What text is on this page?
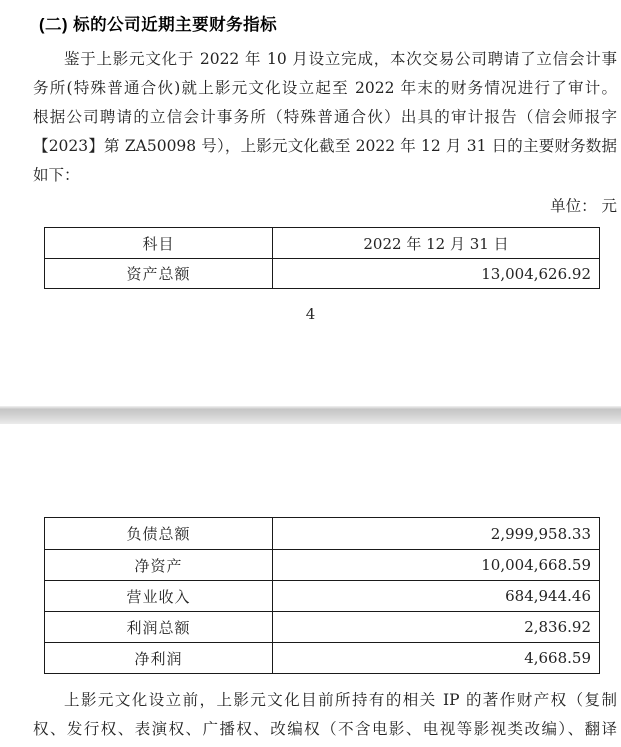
(二) 标的公司近期主要财务指标
鉴于上影元文化于 2022 年 10 月设立完成，本次交易公司聘请了立信会计事
务所(特殊普通合伙)就上影元文化设立起至 2022 年末的财务情况进行了审计。
根据公司聘请的立信会计事务所（特殊普通合伙）出具的审计报告（信会师报字
【2023】第 ZA50098 号），上影元文化截至 2022 年 12 月 31 日的主要财务数据
如下：
单位： 元
科目	2022 年 12 月 31 日
资产总额	13,004,626.92
4
负债总额	2,999,958.33
净资产	10,004,668.59
营业收入	684,944.46
利润总额	2,836.92
净利润	4,668.59
上影元文化设立前，上影元文化目前所持有的相关 IP 的著作财产权（复制
权、发行权、表演权、广播权、改编权（不含电影、电视等影视类改编）、翻译
